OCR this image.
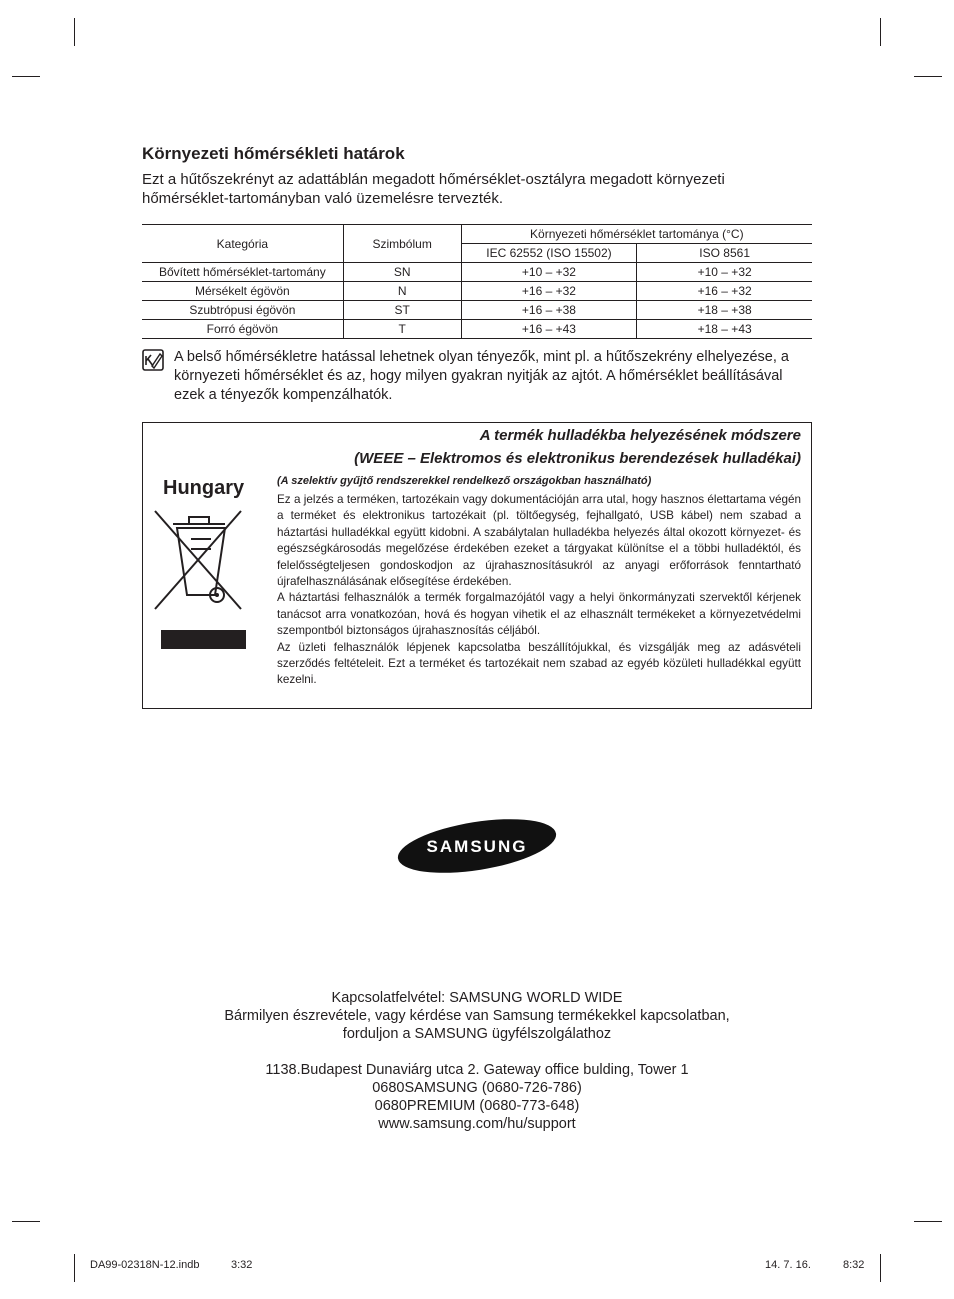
Környezeti hőmérsékleti határok
Ezt a hűtőszekrényt az adattáblán megadott hőmérséklet-osztályra megadott környezeti hőmérséklet-tartományban való üzemelésre tervezték.
Kategória	Szimbólum	Környezeti hőmérséklet tartománya (°C)	
		IEC 62552 (ISO 15502)	ISO 8561
Bővített hőmérséklet-tartomány	SN	+10 – +32	+10 – +32
Mérsékelt égövön	N	+16 – +32	+16 – +32
Szubtrópusi égövön	ST	+16 – +38	+18 – +38
Forró égövön	T	+16 – +43	+18 – +43
A belső hőmérsékletre hatással lehetnek olyan tényezők, mint pl. a hűtőszekrény elhelyezése, a környezeti hőmérséklet és az, hogy milyen gyakran nyitják az ajtót. A hőmérséklet beállításával ezek a tényezők kompenzálhatók.
A termék hulladékba helyezésének módszere
(WEEE – Elektromos és elektronikus berendezések hulladékai)
Hungary	(A szelektív gyűjtő rendszerekkel rendelkező országokban használható)

Ez a jelzés a terméken, tartozékain vagy dokumentációján arra utal, hogy hasznos élettartama végén a terméket és elektronikus tartozékait (pl. töltőegység, fejhallgató, USB kábel) nem szabad a háztartási hulladékkal együtt kidobni. A szabálytalan hulladékba helyezés által okozott környezet- és egészségkárosodás megelőzése érdekében ezeket a tárgyakat különítse el a többi hulladéktól, és felelősségteljesen gondoskodjon az újrahasznosításukról az anyagi erőforrások fenntartható újrafelhasználásának elősegítése érdekében.

A háztartási felhasználók a termék forgalmazójától vagy a helyi önkormányzati szervektől kérjenek tanácsot arra vonatkozóan, hová és hogyan vihetik el az elhasznált termékeket a környezetvédelmi szempontból biztonságos újrahasznosítás céljából.

Az üzleti felhasználók lépjenek kapcsolatba beszállítójukkal, és vizsgálják meg az adásvételi szerződés feltételeit. Ezt a terméket és tartozékait nem szabad az egyéb közületi hulladékkal együtt kezelni.

SAMSUNG
Kapcsolatfelvétel: SAMSUNG WORLD WIDE
Bármilyen észrevétele, vagy kérdése van Samsung termékekkel kapcsolatban,
forduljon a SAMSUNG ügyfélszolgálathoz
1138.Budapest Dunaviárg utca 2. Gateway office bulding, Tower 1
0680SAMSUNG (0680-726-786)
0680PREMIUM (0680-773-648)
www.samsung.com/hu/support
DA99-02318N-12.indb	3:32	14. 7. 16.	8:32
